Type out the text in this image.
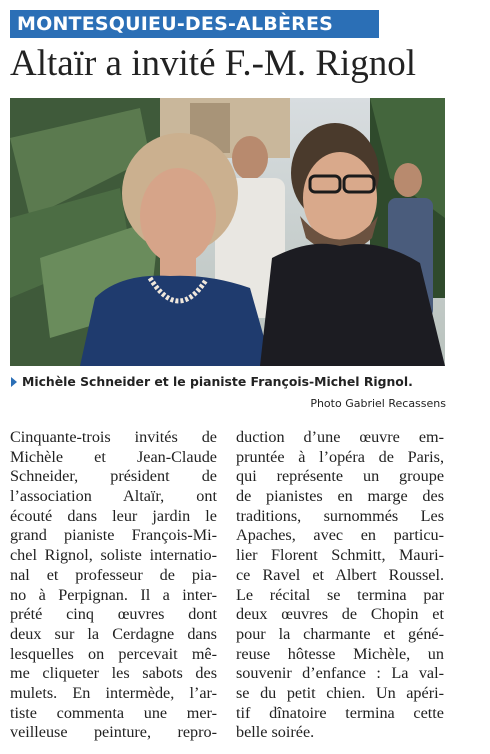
MONTESQUIEU-DES-ALBÈRES
Altaïr a invité F.-M. Rignol
Michèle Schneider et le pianiste François-Michel Rignol.
Photo Gabriel Recassens
Cinquante-trois invités de
Michèle et Jean-Claude
Schneider, président de
l’association Altaïr, ont
écouté dans leur jardin le
grand pianiste François-Mi-
chel Rignol, soliste internatio-
nal et professeur de pia-
no à Perpignan. Il a inter-
prété cinq œuvres dont
deux sur la Cerdagne dans
lesquelles on percevait mê-
me cliqueter les sabots des
mulets. En intermède, l’ar-
tiste commenta une mer-
veilleuse peinture, repro-
duction d’une œuvre em-
pruntée à l’opéra de Paris,
qui représente un groupe
de pianistes en marge des
traditions, surnommés Les
Apaches, avec en particu-
lier Florent Schmitt, Mauri-
ce Ravel et Albert Roussel.
Le récital se termina par
deux œuvres de Chopin et
pour la charmante et géné-
reuse hôtesse Michèle, un
souvenir d’enfance : La val-
se du petit chien. Un apéri-
tif dînatoire termina cette
belle soirée.
